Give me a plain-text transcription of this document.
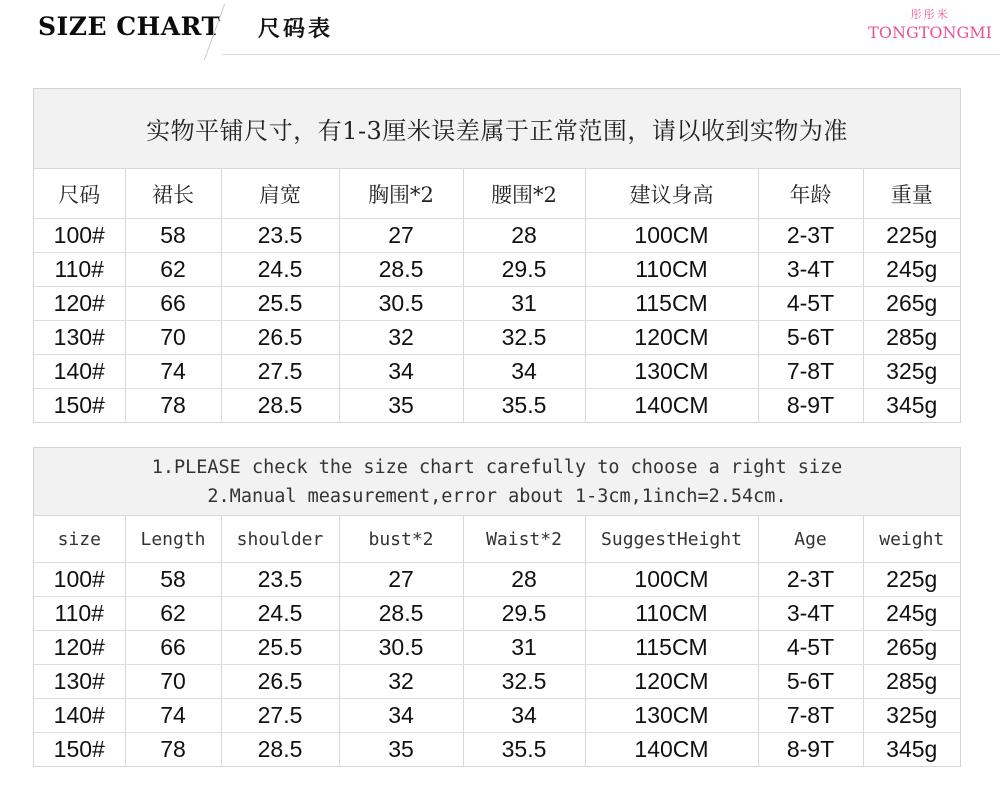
SIZE CHART 尺码表
彤彤米
TONGTONGMI
实物平铺尺寸，有1-3厘米误差属于正常范围，请以收到实物为准
尺码	裙长	肩宽	胸围*2	腰围*2	建议身高	年龄	重量
100#	58	23.5	27	28	100CM	2-3T	225g
110#	62	24.5	28.5	29.5	110CM	3-4T	245g
120#	66	25.5	30.5	31	115CM	4-5T	265g
130#	70	26.5	32	32.5	120CM	5-6T	285g
140#	74	27.5	34	34	130CM	7-8T	325g
150#	78	28.5	35	35.5	140CM	8-9T	345g
1.PLEASE check the size chart carefully to choose a right size
2.Manual measurement,error about 1-3cm,1inch=2.54cm.
size	Length	shoulder	bust*2	Waist*2	SuggestHeight	Age	weight
100#	58	23.5	27	28	100CM	2-3T	225g
110#	62	24.5	28.5	29.5	110CM	3-4T	245g
120#	66	25.5	30.5	31	115CM	4-5T	265g
130#	70	26.5	32	32.5	120CM	5-6T	285g
140#	74	27.5	34	34	130CM	7-8T	325g
150#	78	28.5	35	35.5	140CM	8-9T	345g
